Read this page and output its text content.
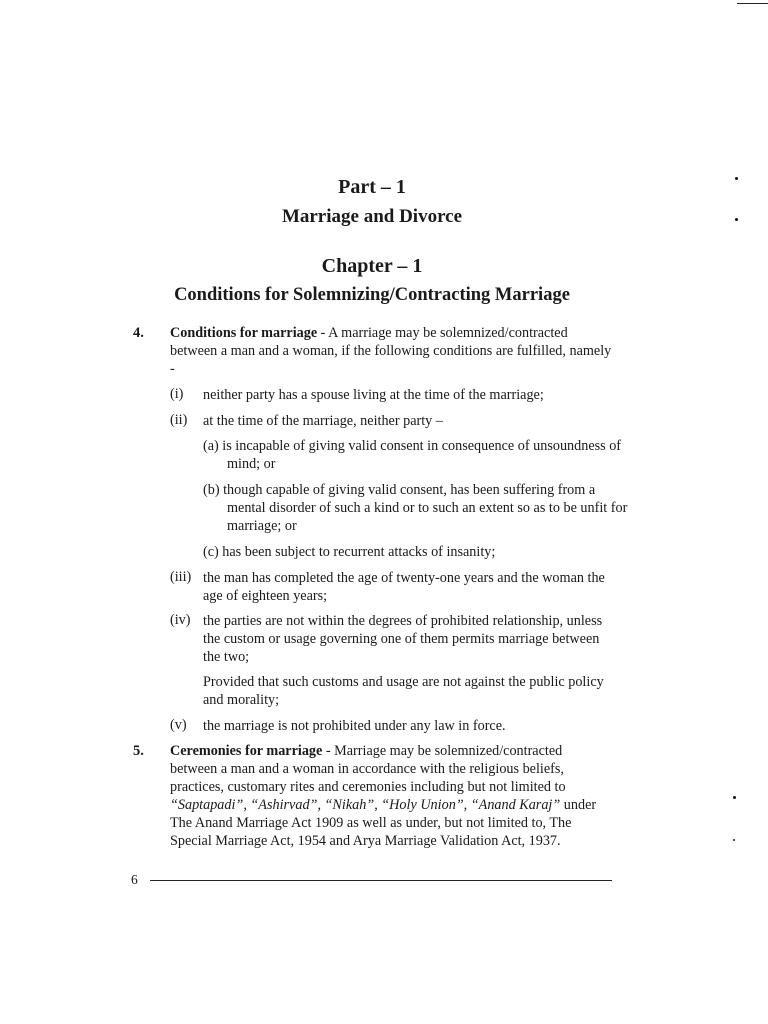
Part – 1
Marriage and Divorce
Chapter – 1
Conditions for Solemnizing/Contracting Marriage
4. Conditions for marriage - A marriage may be solemnized/contracted between a man and a woman, if the following conditions are fulfilled, namely -

(i) neither party has a spouse living at the time of the marriage;

(ii) at the time of the marriage, neither party –

(a) is incapable of giving valid consent in consequence of unsoundness of mind; or

(b) though capable of giving valid consent, has been suffering from a mental disorder of such a kind or to such an extent so as to be unfit for marriage; or

(c) has been subject to recurrent attacks of insanity;

(iii) the man has completed the age of twenty-one years and the woman the age of eighteen years;

(iv) the parties are not within the degrees of prohibited relationship, unless the custom or usage governing one of them permits marriage between the two;

Provided that such customs and usage are not against the public policy and morality;

(v) the marriage is not prohibited under any law in force.

5. Ceremonies for marriage - Marriage may be solemnized/contracted between a man and a woman in accordance with the religious beliefs, practices, customary rites and ceremonies including but not limited to “Saptapadi”, “Ashirvad”, “Nikah”, “Holy Union”, “Anand Karaj” under The Anand Marriage Act 1909 as well as under, but not limited to, The Special Marriage Act, 1954 and Arya Marriage Validation Act, 1937.

6
